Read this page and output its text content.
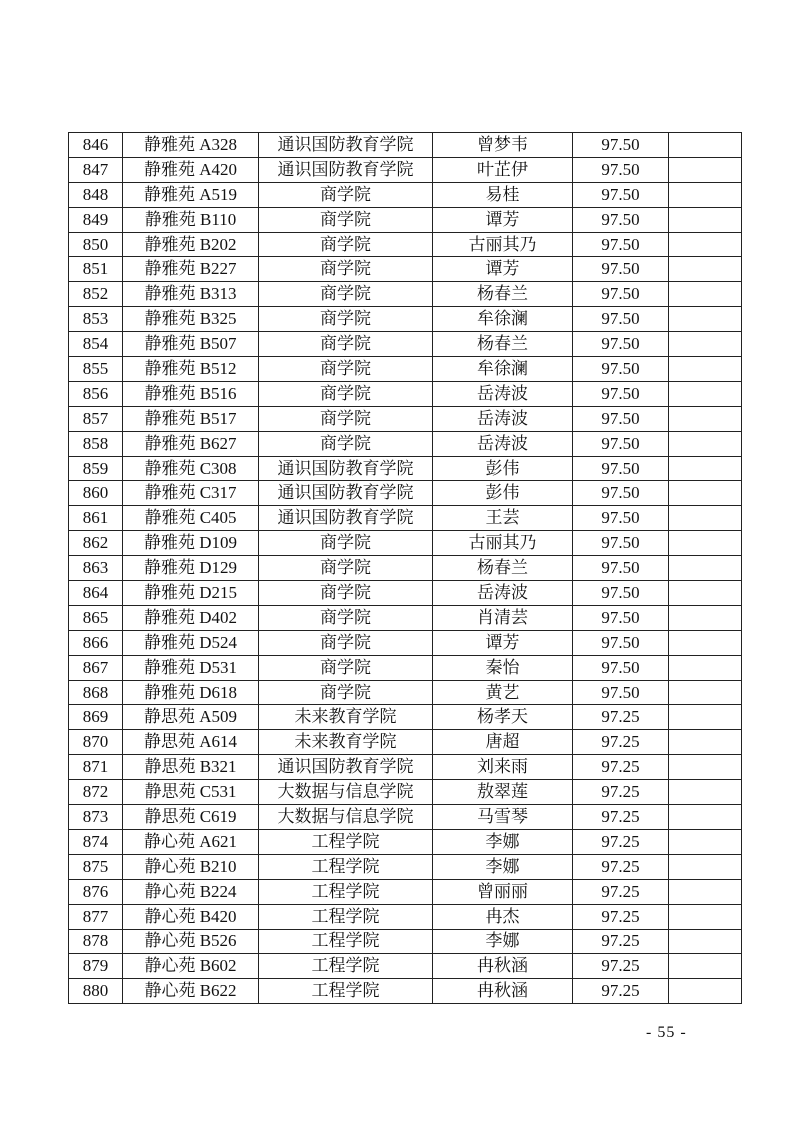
846	静雅苑 A328	通识国防教育学院	曾梦韦	97.50	
847	静雅苑 A420	通识国防教育学院	叶芷伊	97.50	
848	静雅苑 A519	商学院	易桂	97.50	
849	静雅苑 B110	商学院	谭芳	97.50	
850	静雅苑 B202	商学院	古丽其乃	97.50	
851	静雅苑 B227	商学院	谭芳	97.50	
852	静雅苑 B313	商学院	杨春兰	97.50	
853	静雅苑 B325	商学院	牟徐澜	97.50	
854	静雅苑 B507	商学院	杨春兰	97.50	
855	静雅苑 B512	商学院	牟徐澜	97.50	
856	静雅苑 B516	商学院	岳涛波	97.50	
857	静雅苑 B517	商学院	岳涛波	97.50	
858	静雅苑 B627	商学院	岳涛波	97.50	
859	静雅苑 C308	通识国防教育学院	彭伟	97.50	
860	静雅苑 C317	通识国防教育学院	彭伟	97.50	
861	静雅苑 C405	通识国防教育学院	王芸	97.50	
862	静雅苑 D109	商学院	古丽其乃	97.50	
863	静雅苑 D129	商学院	杨春兰	97.50	
864	静雅苑 D215	商学院	岳涛波	97.50	
865	静雅苑 D402	商学院	肖清芸	97.50	
866	静雅苑 D524	商学院	谭芳	97.50	
867	静雅苑 D531	商学院	秦怡	97.50	
868	静雅苑 D618	商学院	黄艺	97.50	
869	静思苑 A509	未来教育学院	杨孝天	97.25	
870	静思苑 A614	未来教育学院	唐超	97.25	
871	静思苑 B321	通识国防教育学院	刘来雨	97.25	
872	静思苑 C531	大数据与信息学院	敖翠莲	97.25	
873	静思苑 C619	大数据与信息学院	马雪琴	97.25	
874	静心苑 A621	工程学院	李娜	97.25	
875	静心苑 B210	工程学院	李娜	97.25	
876	静心苑 B224	工程学院	曾丽丽	97.25	
877	静心苑 B420	工程学院	冉杰	97.25	
878	静心苑 B526	工程学院	李娜	97.25	
879	静心苑 B602	工程学院	冉秋涵	97.25	
880	静心苑 B622	工程学院	冉秋涵	97.25	
- 55 -
